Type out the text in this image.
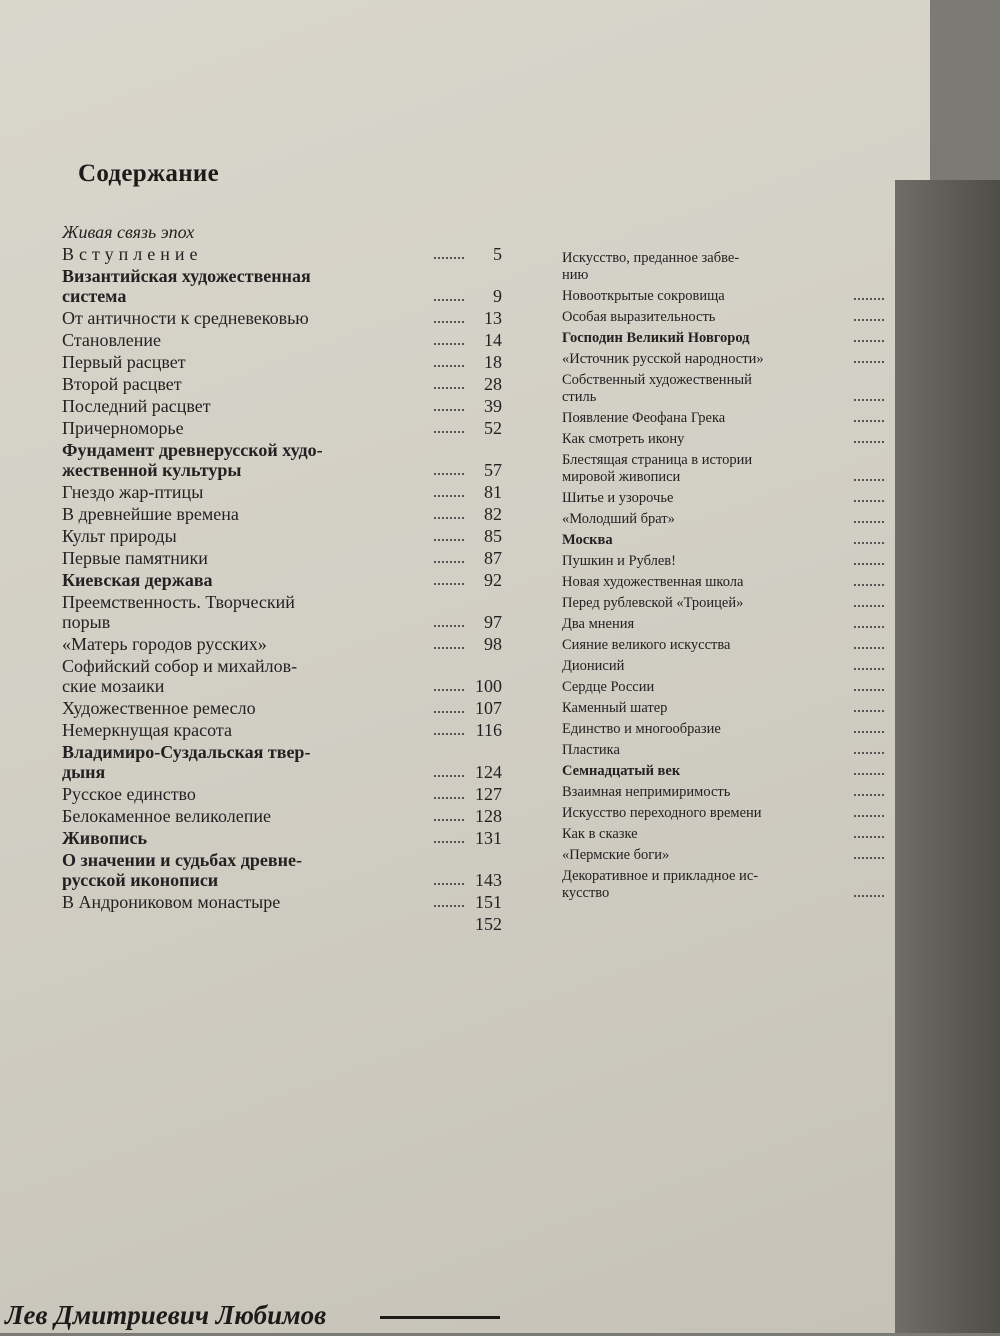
Содержание
Живая связь эпох
Вступление	5
Византийская художественная
система	9
От античности к средневековью	13
Становление	14
Первый расцвет	18
Второй расцвет	28
Последний расцвет	39
Причерноморье	52
Фундамент древнерусской худо-
жественной культуры	57
Гнездо жар-птицы	81
В древнейшие времена	82
Культ природы	85
Первые памятники	87
Киевская держава	92
Преемственность. Творческий
порыв	97
«Матерь городов русских»	98
Софийский собор и михайлов-
ские мозаики	100
Художественное ремесло	107
Немеркнущая красота	116
Владимиро-Суздальская твер-
дыня	124
Русское единство	127
Белокаменное великолепие	128
Живопись	131
О значении и судьбах древне-
русской иконописи	143
В Андрониковом монастыре	151
152
Искусство, преданное забве-
нию
Новооткрытые сокровища
Особая выразительность
Господин Великий Новгород
«Источник русской народности»
Собственный художественный
стиль
Появление Феофана Грека
Как смотреть икону
Блестящая страница в истории
мировой живописи
Шитье и узорочье
«Молодший брат»
Москва
Пушкин и Рублев!
Новая художественная школа
Перед рублевской «Троицей»
Два мнения
Сияние великого искусства
Дионисий
Сердце России
Каменный шатер
Единство и многообразие
Пластика
Семнадцатый век
Взаимная непримиримость
Искусство переходного времени
Как в сказке
«Пермские боги»
Декоративное и прикладное ис-
кусство

Лев Дмитриевич Любимов
